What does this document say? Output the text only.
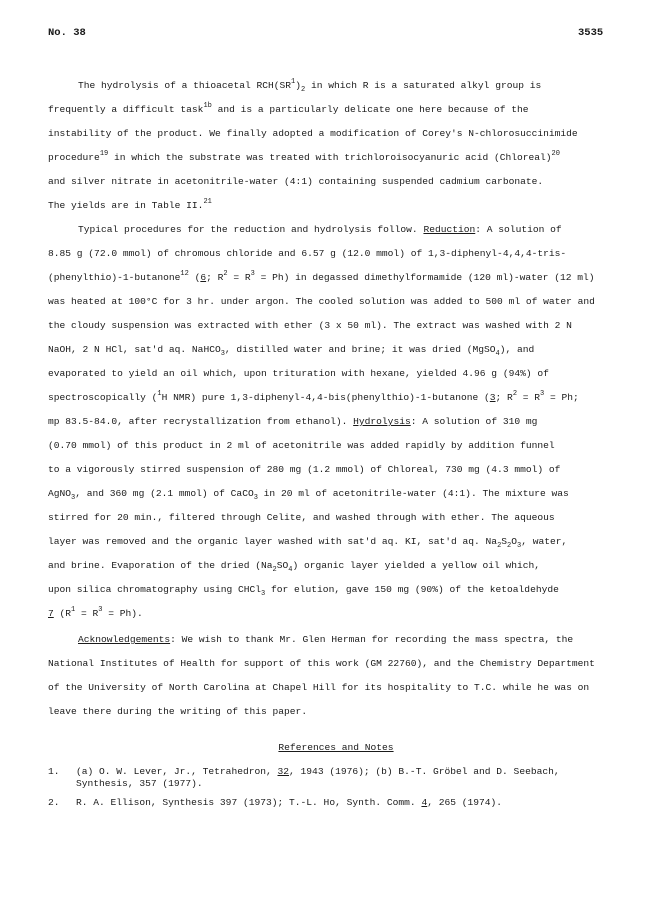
No. 38	3535
The hydrolysis of a thioacetal $RCH(SR^1)_2$ in which R is a saturated alkyl group is
frequently a difficult task$^{1b}$ and is a particularly delicate one here because of the
instability of the product. We finally adopted a modification of Corey's N-chlorosuccinimide
procedure$^{19}$ in which the substrate was treated with trichloroisocyanuric acid (Chloreal)$^{20}$
and silver nitrate in acetonitrile-water (4:1) containing suspended cadmium carbonate.
The yields are in Table II.$^{21}$
Typical procedures for the reduction and hydrolysis follow. Reduction: A solution of
8.85 g (72.0 mmol) of chromous chloride and 6.57 g (12.0 mmol) of 1,3-diphenyl-4,4,4-tris-
(phenylthio)-1-butanone$^{12}$ (6; $R^2 = R^3 = Ph$) in degassed dimethylformamide (120 ml)-water (12 ml)
was heated at 100°C for 3 hr. under argon. The cooled solution was added to 500 ml of water and
the cloudy suspension was extracted with ether (3 x 50 ml). The extract was washed with 2 N
NaOH, 2 N HCl, sat'd aq. NaHCO$_3$, distilled water and brine; it was dried (MgSO$_4$), and
evaporated to yield an oil which, upon trituration with hexane, yielded 4.96 g (94%) of
spectroscopically ($^1$H NMR) pure 1,3-diphenyl-4,4-bis(phenylthio)-1-butanone (3; $R^2 = R^3 = Ph$;
mp 83.5-84.0, after recrystallization from ethanol). Hydrolysis: A solution of 310 mg
(0.70 mmol) of this product in 2 ml of acetonitrile was added rapidly by addition funnel
to a vigorously stirred suspension of 280 mg (1.2 mmol) of Chloreal, 730 mg (4.3 mmol) of
AgNO$_3$, and 360 mg (2.1 mmol) of CaCO$_3$ in 20 ml of acetonitrile-water (4:1). The mixture was
stirred for 20 min., filtered through Celite, and washed through with ether. The aqueous
layer was removed and the organic layer washed with sat'd aq. KI, sat'd aq. $Na_2S_2O_3$, water,
and brine. Evaporation of the dried $(Na_2SO_4)$ organic layer yielded a yellow oil which,
upon silica chromatography using CHCl$_3$ for elution, gave 150 mg (90%) of the ketoaldehyde
7 $(R^1 = R^3 = Ph)$.
Acknowledgements: We wish to thank Mr. Glen Herman for recording the mass spectra, the
National Institutes of Health for support of this work (GM 22760), and the Chemistry Department
of the University of North Carolina at Chapel Hill for its hospitality to T.C. while he was on
leave there during the writing of this paper.
References and Notes
1.	(a) O. W. Lever, Jr., Tetrahedron, 32, 1943 (1976); (b) B.-T. Gröbel and D. Seebach,
Synthesis, 357 (1977).
2.	R. A. Ellison, Synthesis 397 (1973); T.-L. Ho, Synth. Comm. 4, 265 (1974).
